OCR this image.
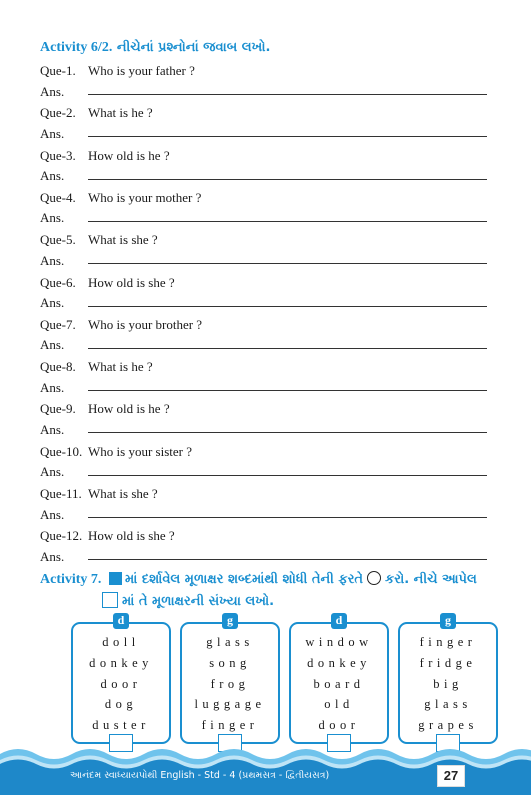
Activity 6/2. નીચેનાં પ્રશ્નોનાં જવાબ લખો.
Que-1. Who is your father ?
Ans.
Que-2. What is he ?
Ans.
Que-3. How old is he ?
Ans.
Que-4. Who is your mother ?
Ans.
Que-5. What is she ?
Ans.
Que-6. How old is she ?
Ans.
Que-7. Who is your brother ?
Ans.
Que-8. What is he ?
Ans.
Que-9. How old is he ?
Ans.
Que-10. Who is your sister ?
Ans.
Que-11. What is she ?
Ans.
Que-12. How old is she ?
Ans.
Activity 7. માં દર્શાવેલ મૂળાક્ષર શબ્દમાંથી શોધી તેની ફરતે કરો. નીચે આપેલ
માં તે મૂળાક્ષરની સંખ્યા લખો.
d
doll
donkey
door
dog
duster
g
glass
song
frog
luggage
finger
d
window
donkey
board
old
door
g
finger
fridge
big
glass
grapes
આનંદમ સ્વાધ્યાયપોથી English - Std - 4 (પ્રથમસત્ર - દ્વિતીયસત્ર)	27
